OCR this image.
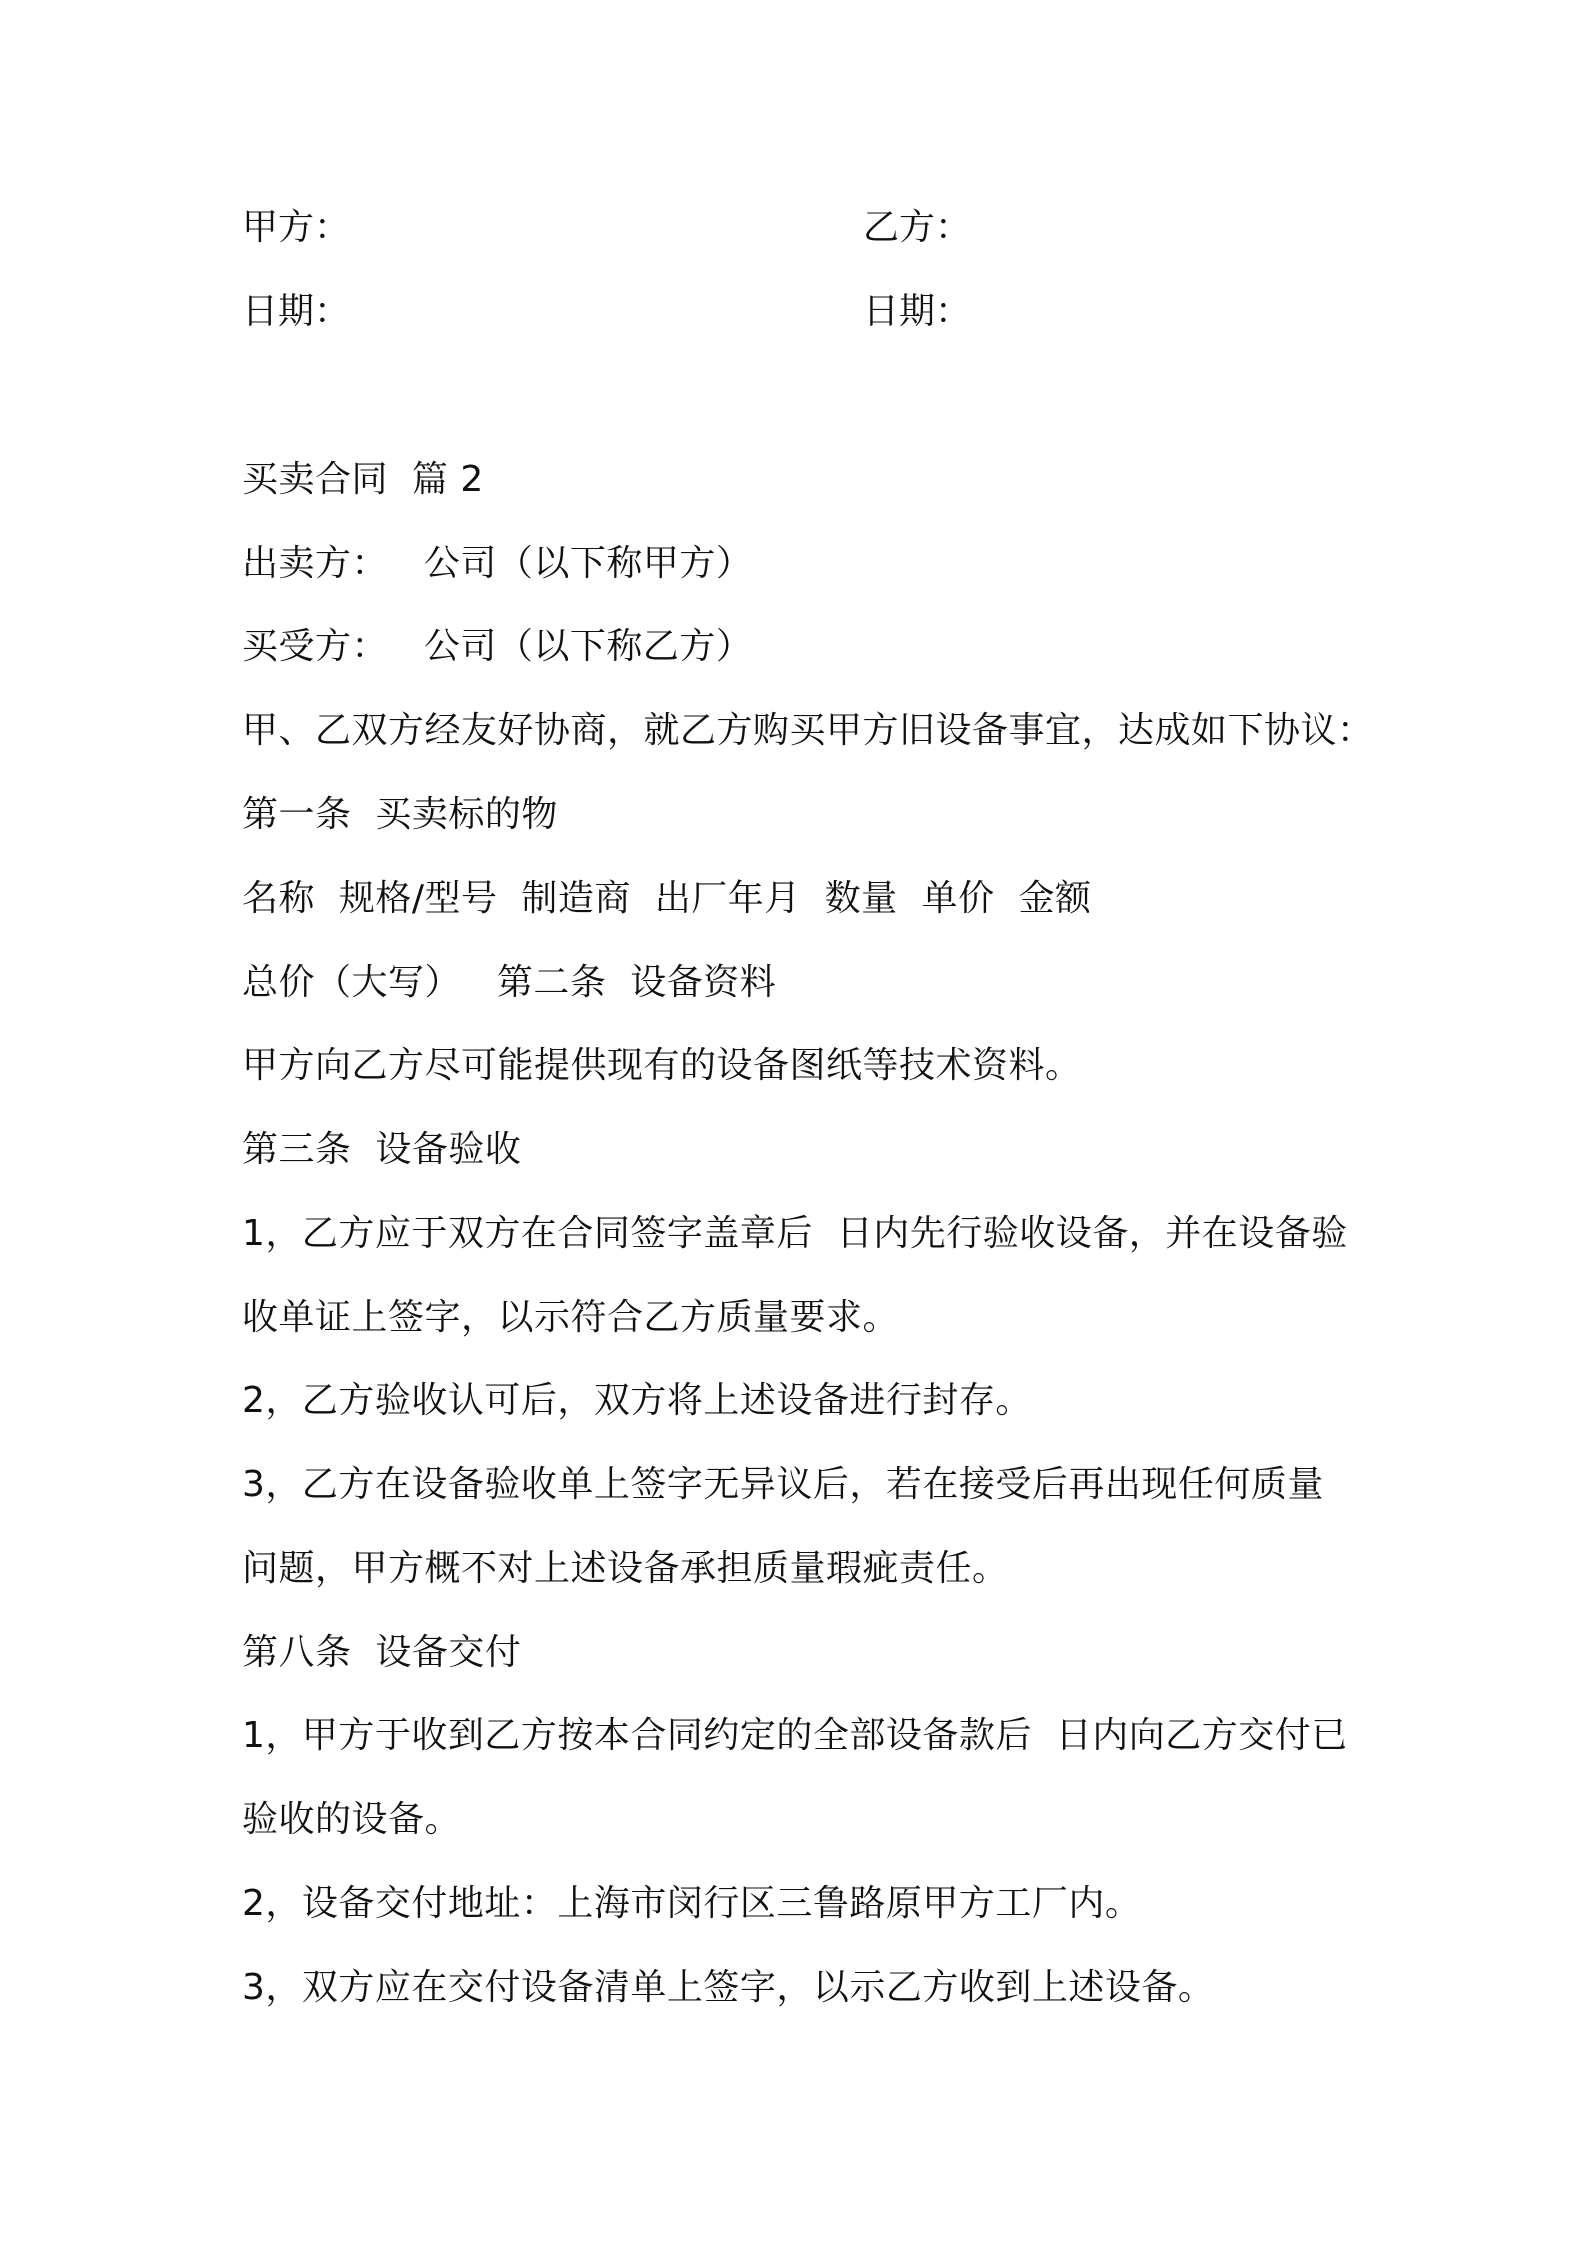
甲方：	乙方：
日期：	日期：
买卖合同  篇 2
出卖方：   公司（以下称甲方）
买受方：   公司（以下称乙方）
甲、乙双方经友好协商，就乙方购买甲方旧设备事宜，达成如下协议：
第一条  买卖标的物
名称  规格/型号  制造商  出厂年月  数量  单价  金额
总价（大写）   第二条  设备资料
甲方向乙方尽可能提供现有的设备图纸等技术资料。
第三条  设备验收
1，乙方应于双方在合同签字盖章后  日内先行验收设备，并在设备验
收单证上签字，以示符合乙方质量要求。
2，乙方验收认可后，双方将上述设备进行封存。
3，乙方在设备验收单上签字无异议后，若在接受后再出现任何质量
问题，甲方概不对上述设备承担质量瑕疵责任。
第八条  设备交付
1，甲方于收到乙方按本合同约定的全部设备款后  日内向乙方交付已
验收的设备。
2，设备交付地址：上海市闵行区三鲁路原甲方工厂内。
3，双方应在交付设备清单上签字，以示乙方收到上述设备。
